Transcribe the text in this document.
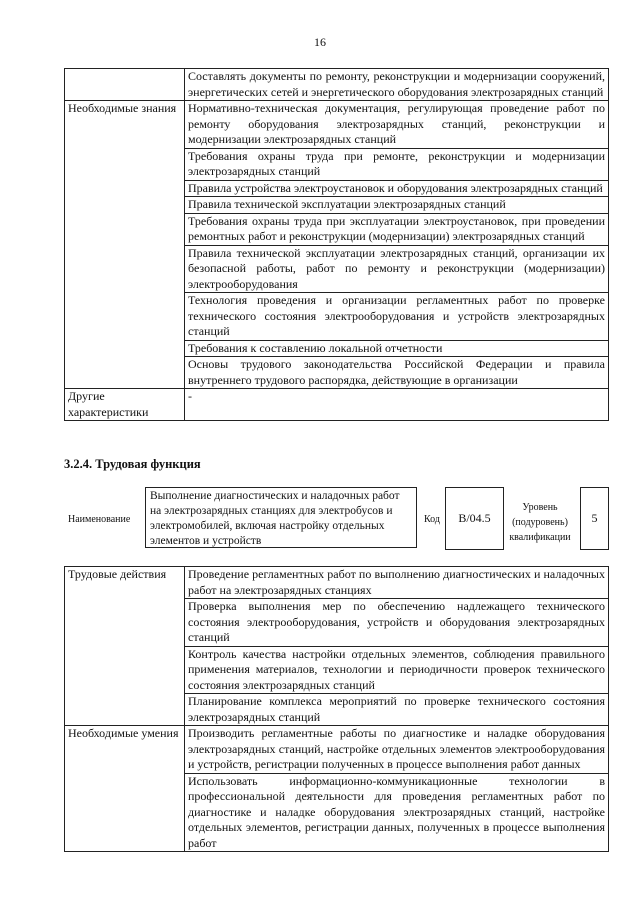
16
	Составлять документы по ремонту, реконструкции и модернизации сооружений, энергетических сетей и энергетического оборудования электрозарядных станций
Необходимые знания	Нормативно-техническая документация, регулирующая проведение работ по ремонту оборудования электрозарядных станций, реконструкции и модернизации электрозарядных станций
	Требования охраны труда при ремонте, реконструкции и модернизации электрозарядных станций
	Правила устройства электроустановок и оборудования электрозарядных станций
	Правила технической эксплуатации электрозарядных станций
	Требования охраны труда при эксплуатации электроустановок, при проведении ремонтных работ и реконструкции (модернизации) электрозарядных станций
	Правила технической эксплуатации электрозарядных станций, организации их безопасной работы, работ по ремонту и реконструкции (модернизации) электрооборудования
	Технология проведения и организации регламентных работ по проверке технического состояния электрооборудования и устройств электрозарядных станций
	Требования к составлению локальной отчетности
	Основы трудового законодательства Российской Федерации и правила внутреннего трудового распорядка, действующие в организации
Другие характеристики	-
3.2.4. Трудовая функция
Наименование
Выполнение диагностических и наладочных работ на электрозарядных станциях для электробусов и электромобилей, включая настройку отдельных элементов и устройств
Код	B/04.5
Уровень (подуровень) квалификации
5
Трудовые действия	Проведение регламентных работ по выполнению диагностических и наладочных работ на электрозарядных станциях
	Проверка выполнения мер по обеспечению надлежащего технического состояния электрооборудования, устройств и оборудования электрозарядных станций
	Контроль качества настройки отдельных элементов, соблюдения правильного применения материалов, технологии и периодичности проверок технического состояния электрозарядных станций
	Планирование комплекса мероприятий по проверке технического состояния электрозарядных станций
Необходимые умения	Производить регламентные работы по диагностике и наладке оборудования электрозарядных станций, настройке отдельных элементов электрооборудования и устройств, регистрации полученных в процессе выполнения работ данных
	Использовать информационно-коммуникационные технологии в профессиональной деятельности для проведения регламентных работ по диагностике и наладке оборудования электрозарядных станций, настройке отдельных элементов, регистрации данных, полученных в процессе выполнения работ
